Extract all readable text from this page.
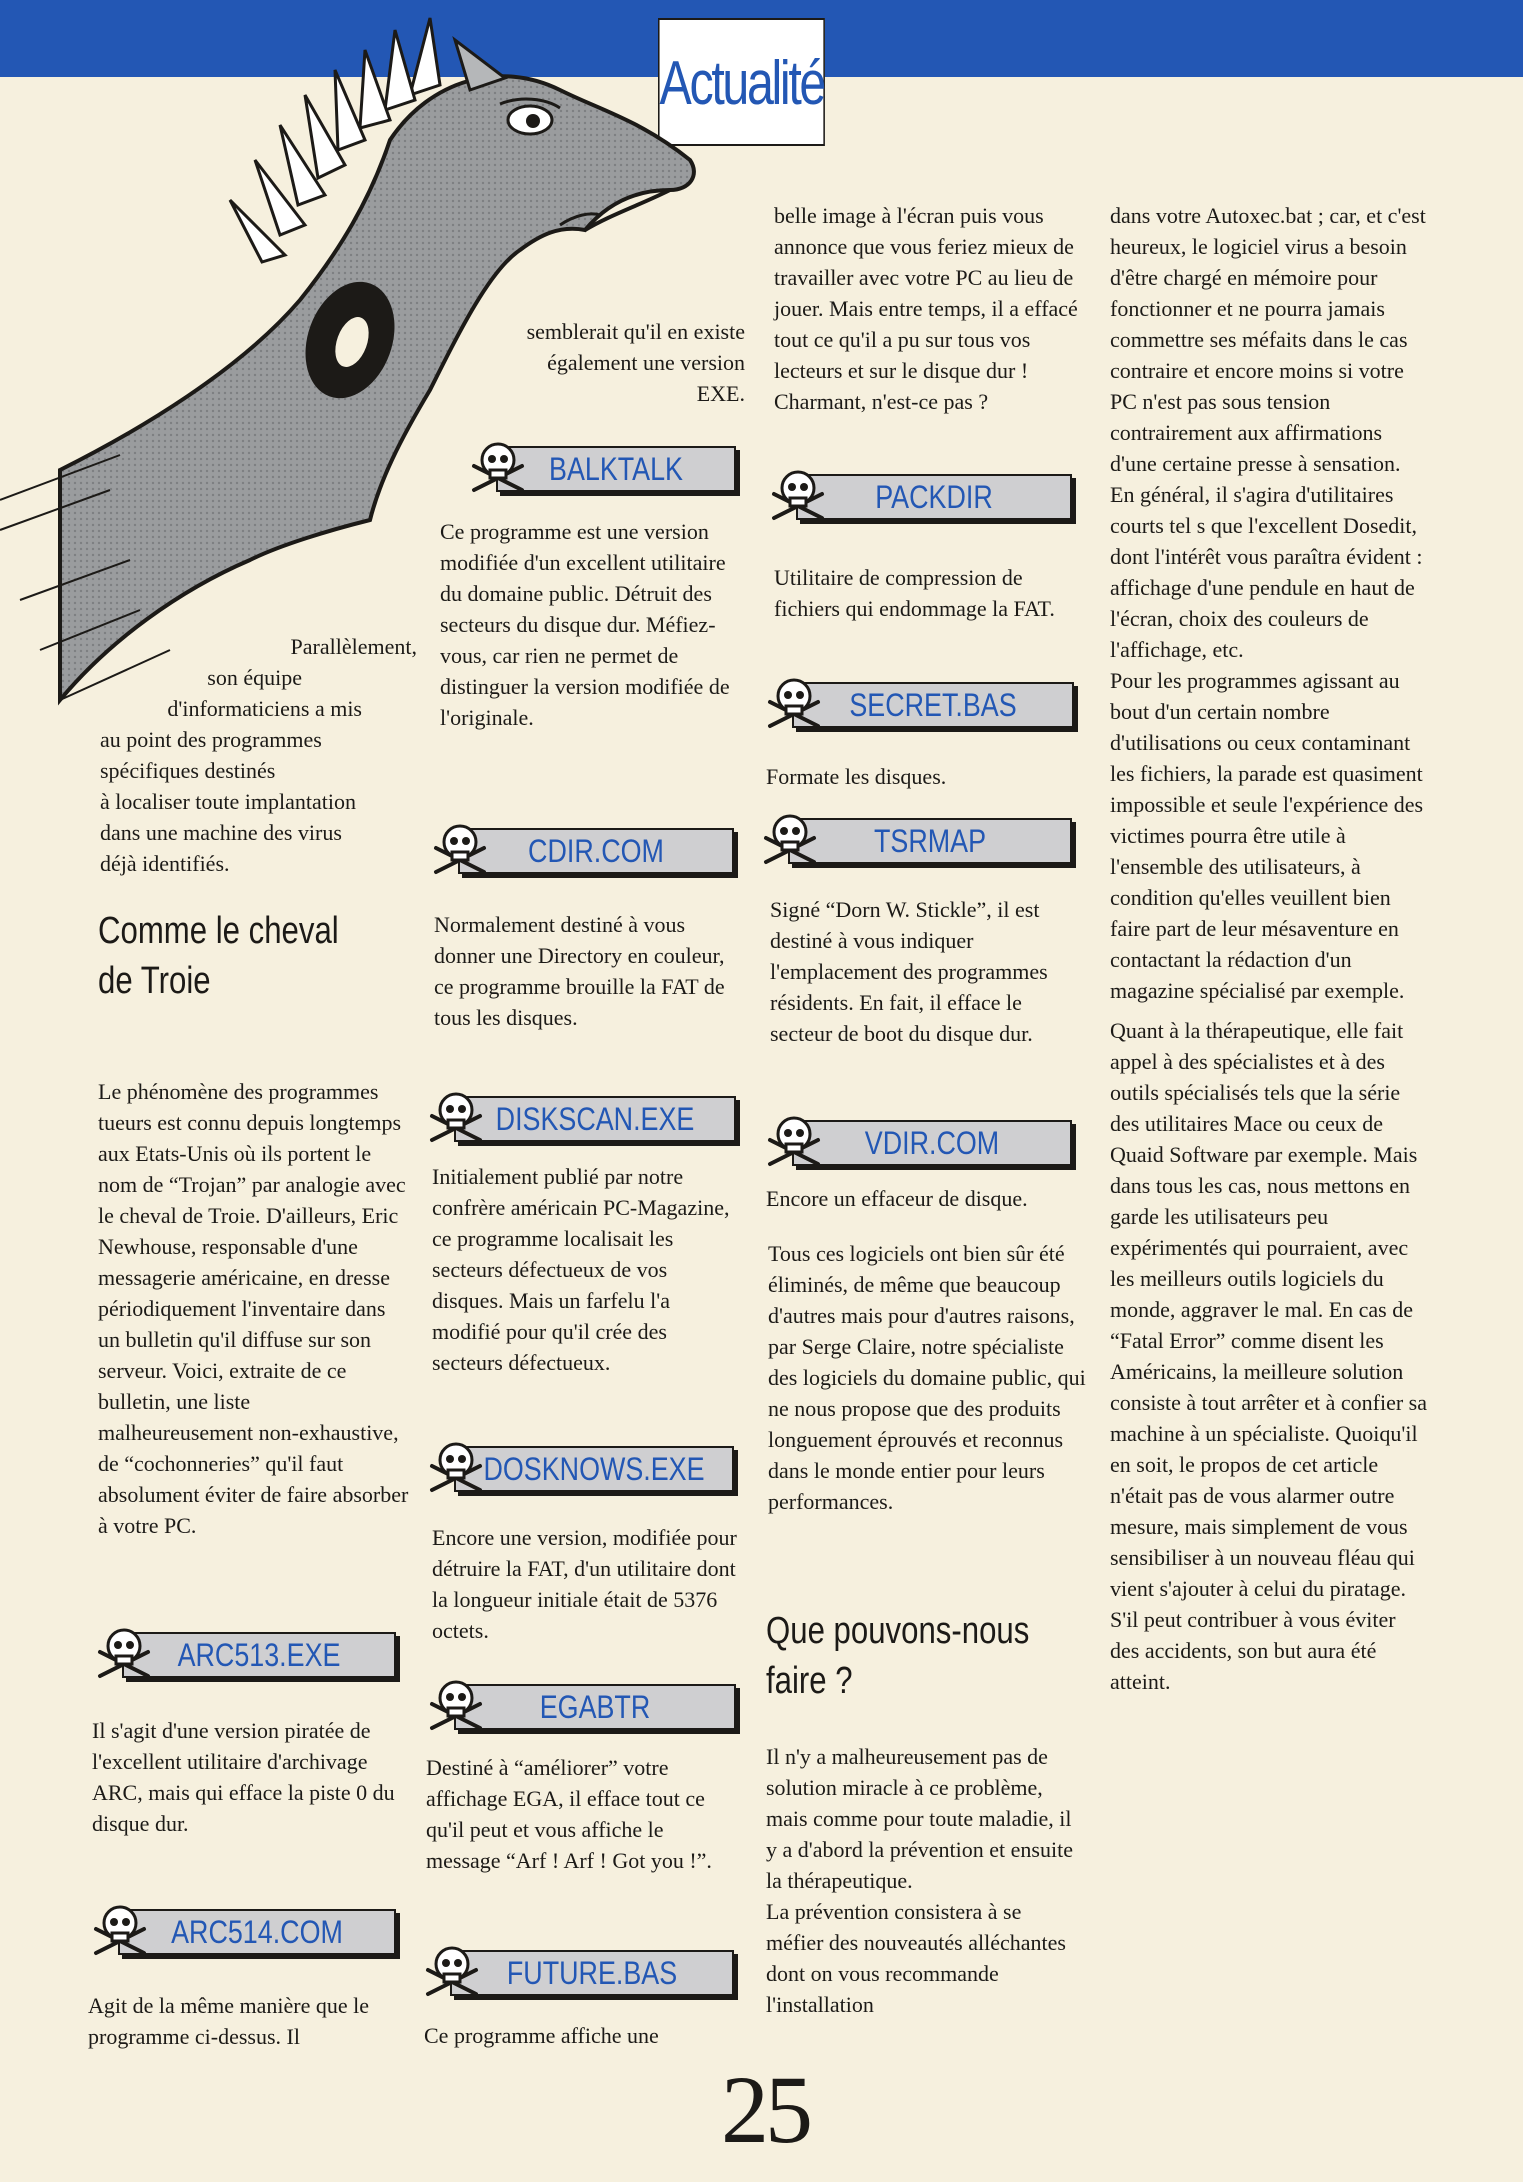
Actualité

semblerait qu'il en existe également une version EXE.

Parallèlement,
son équipe
d'informaticiens a mis

au point des programmes

spécifiques destinés

à localiser toute implantation

dans une machine des virus

déjà identifiés.

Comme le cheval de Troie

Le phénomène des programmes tueurs est connu depuis longtemps aux Etats-Unis où ils portent le nom de “Trojan” par analogie avec le cheval de Troie. D'ailleurs, Eric Newhouse, responsable d'une messagerie américaine, en dresse périodiquement l'inventaire dans un bulletin qu'il diffuse sur son serveur. Voici, extraite de ce bulletin, une liste malheureusement non-exhaustive, de “cochonneries” qu'il faut absolument éviter de faire absorber à votre PC.

ARC513.EXE

Il s'agit d'une version piratée de l'excellent utilitaire d'archivage ARC, mais qui efface la piste 0 du disque dur.

ARC514.COM

Agit de la même manière que le programme ci-dessus. Il

BALKTALK

Ce programme est une version modifiée d'un excellent utilitaire du domaine public. Détruit des secteurs du disque dur. Méfiez-vous, car rien ne permet de distinguer la version modifiée de l'originale.

CDIR.COM

Normalement destiné à vous donner une Directory en couleur, ce programme brouille la FAT de tous les disques.

DISKSCAN.EXE

Initialement publié par notre confrère américain PC-Magazine, ce programme localisait les secteurs défectueux de vos disques. Mais un farfelu l'a modifié pour qu'il crée des secteurs défectueux.

DOSKNOWS.EXE

Encore une version, modifiée pour détruire la FAT, d'un utilitaire dont la longueur initiale était de 5376 octets.

EGABTR

Destiné à “améliorer” votre affichage EGA, il efface tout ce qu'il peut et vous affiche le message “Arf ! Arf ! Got you !”.

FUTURE.BAS

Ce programme affiche une

belle image à l'écran puis vous annonce que vous feriez mieux de travailler avec votre PC au lieu de jouer. Mais entre temps, il a effacé tout ce qu'il a pu sur tous vos lecteurs et sur le disque dur ! Charmant, n'est-ce pas ?

PACKDIR

Utilitaire de compression de fichiers qui endommage la FAT.

SECRET.BAS

Formate les disques.

TSRMAP

Signé “Dorn W. Stickle”, il est destiné à vous indiquer l'emplacement des programmes résidents. En fait, il efface le secteur de boot du disque dur.

VDIR.COM

Encore un effaceur de disque.

Tous ces logiciels ont bien sûr été éliminés, de même que beaucoup d'autres mais pour d'autres raisons, par Serge Claire, notre spécialiste des logiciels du domaine public, qui ne nous propose que des produits longuement éprouvés et reconnus dans le monde entier pour leurs performances.

Que pouvons-nous faire ?

Il n'y a malheureusement pas de solution miracle à ce problème, mais comme pour toute maladie, il y a d'abord la prévention et ensuite la thérapeutique.

La prévention consistera à se méfier des nouveautés alléchantes dont on vous recommande l'installation

dans votre Autoxec.bat ; car, et c'est heureux, le logiciel virus a besoin d'être chargé en mémoire pour fonctionner et ne pourra jamais commettre ses méfaits dans le cas contraire et encore moins si votre PC n'est pas sous tension contrairement aux affirmations d'une certaine presse à sensation. En général, il s'agira d'utilitaires courts tel s que l'excellent Dosedit, dont l'intérêt vous paraîtra évident : affichage d'une pendule en haut de l'écran, choix des couleurs de l'affichage, etc.

Pour les programmes agissant au bout d'un certain nombre d'utilisations ou ceux contaminant les fichiers, la parade est quasiment impossible et seule l'expérience des victimes pourra être utile à l'ensemble des utilisateurs, à condition qu'elles veuillent bien faire part de leur mésaventure en contactant la rédaction d'un magazine spécialisé par exemple.

Quant à la thérapeutique, elle fait appel à des spécialistes et à des outils spécialisés tels que la série des utilitaires Mace ou ceux de Quaid Software par exemple. Mais dans tous les cas, nous mettons en garde les utilisateurs peu expérimentés qui pourraient, avec les meilleurs outils logiciels du monde, aggraver le mal. En cas de “Fatal Error” comme disent les Américains, la meilleure solution consiste à tout arrêter et à confier sa machine à un spécialiste. Quoiqu'il en soit, le propos de cet article n'était pas de vous alarmer outre mesure, mais simplement de vous sensibiliser à un nouveau fléau qui vient s'ajouter à celui du piratage. S'il peut contribuer à vous éviter des accidents, son but aura été atteint.

25
